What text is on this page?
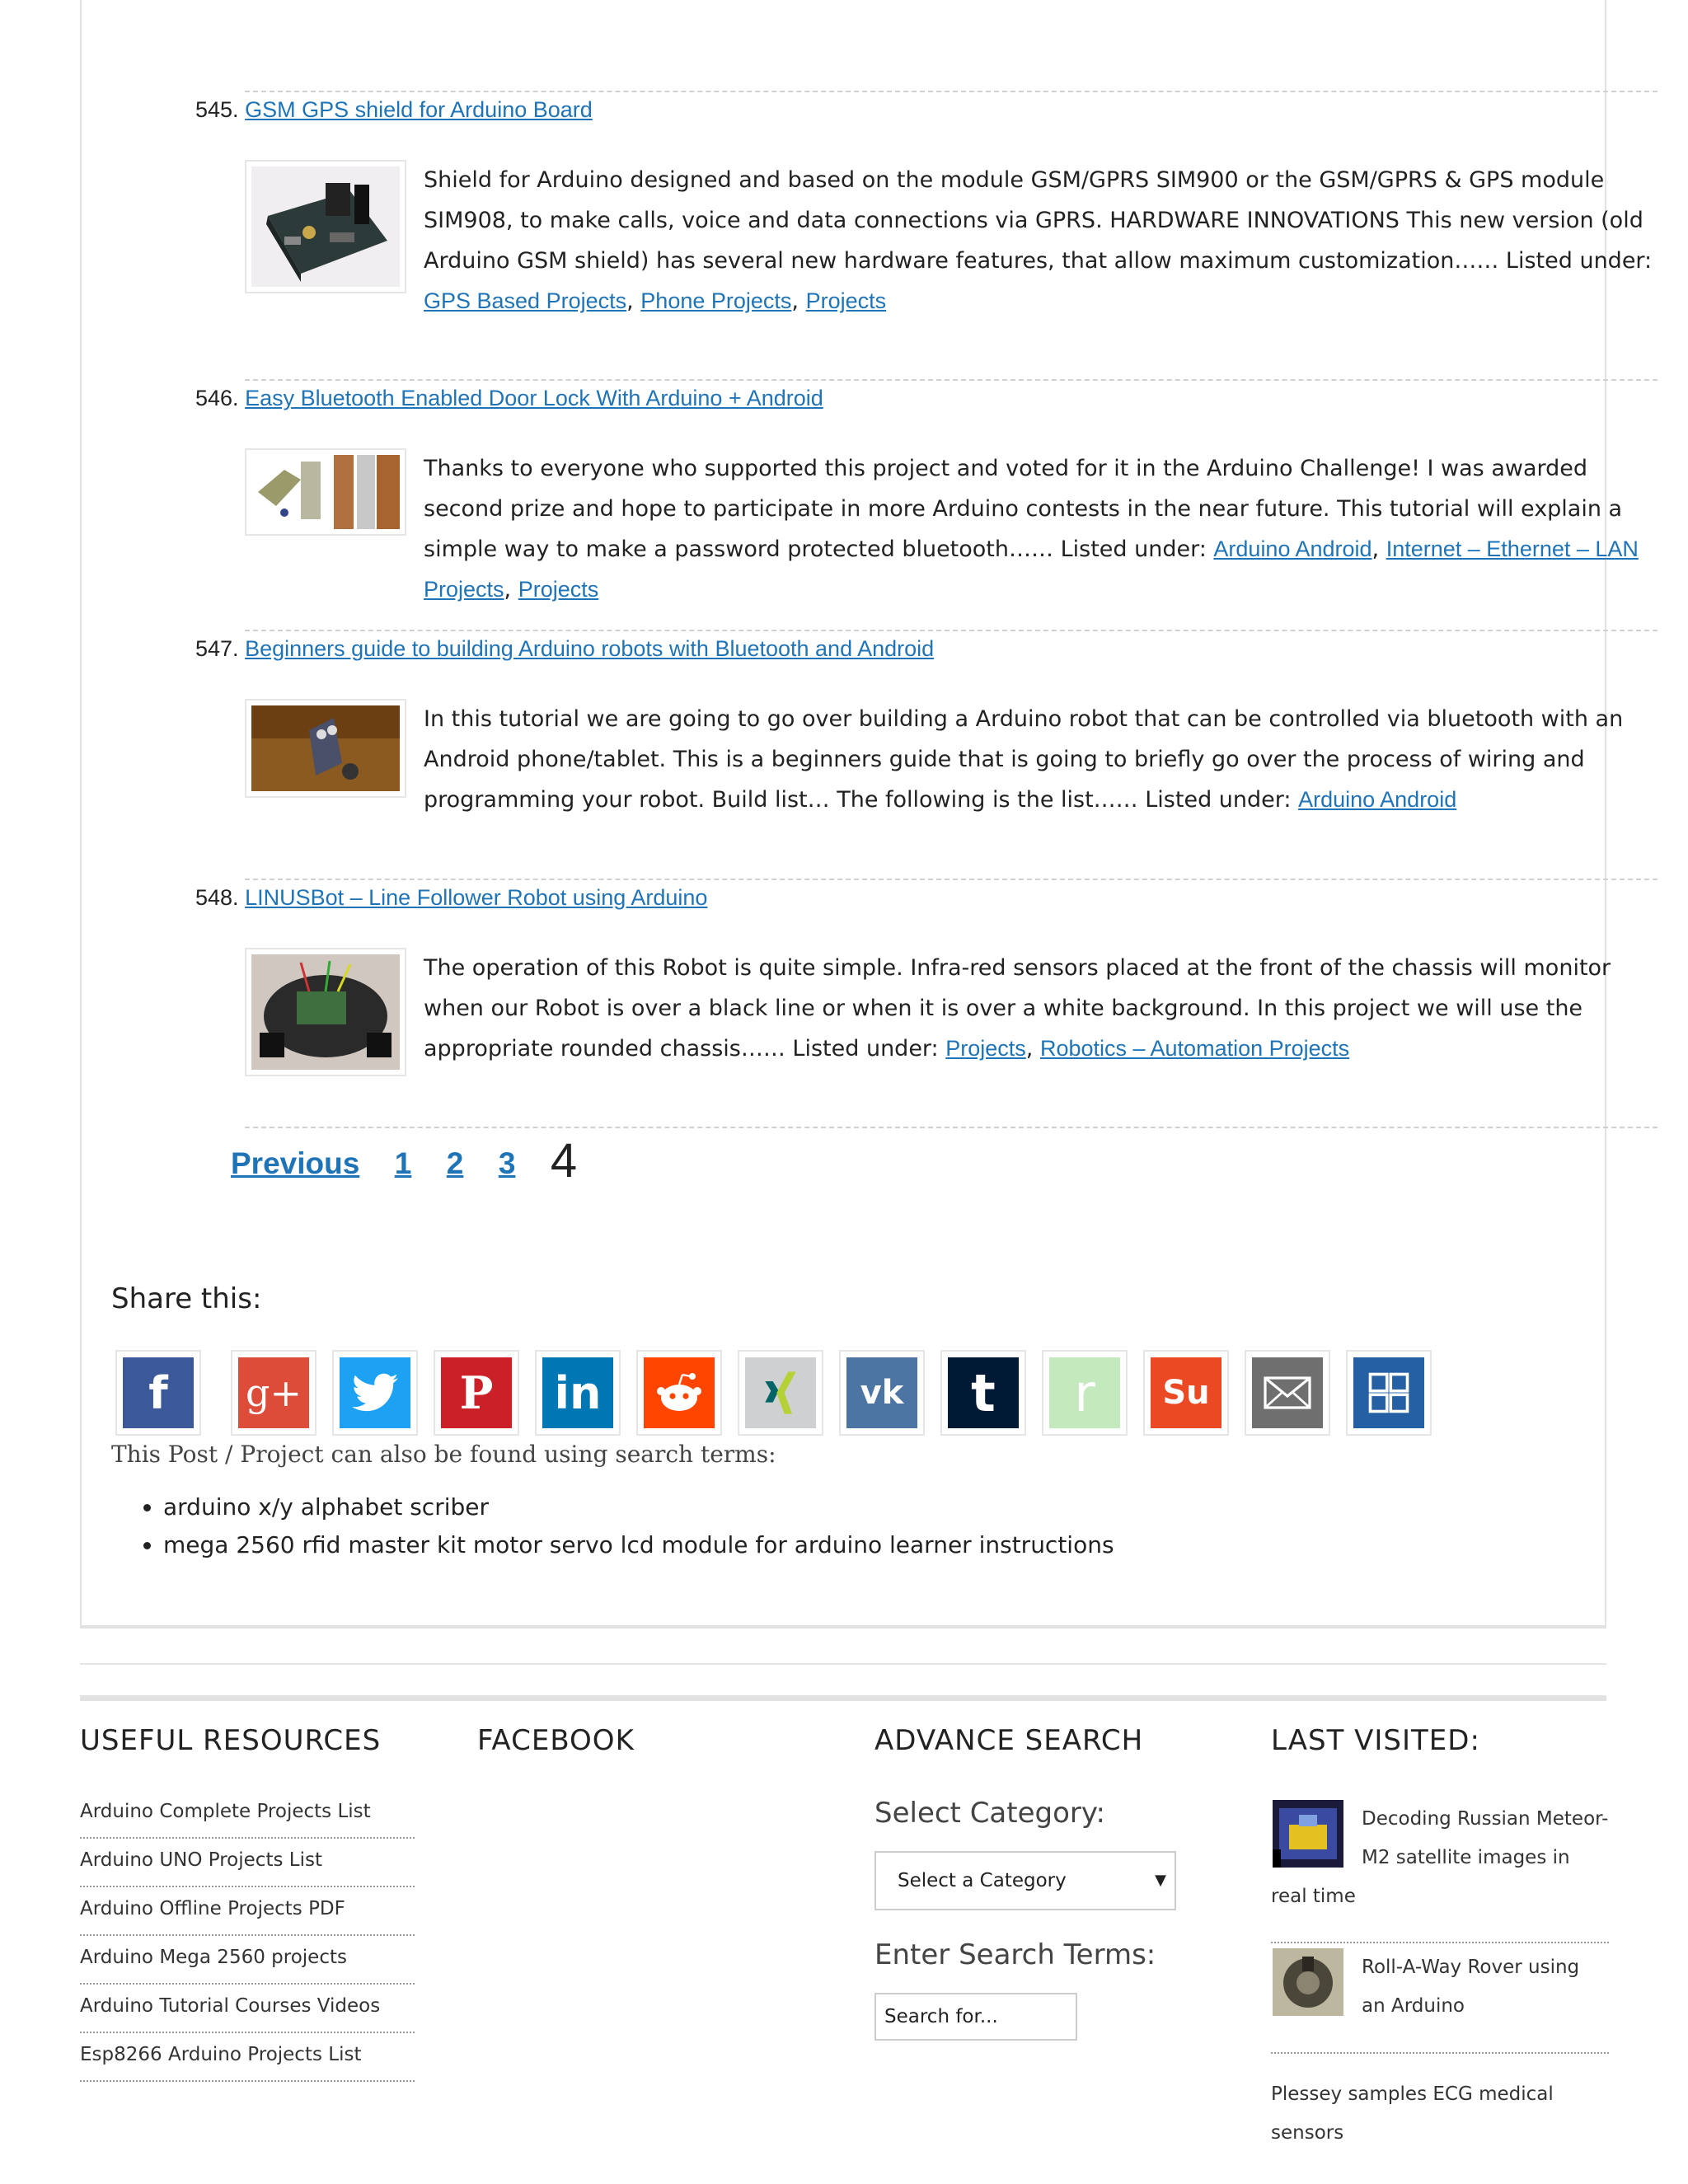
545. GSM GPS shield for Arduino Board
Shield for Arduino designed and based on the module GSM/GPRS SIM900 or the GSM/GPRS & GPS module SIM908, to make calls, voice and data connections via GPRS. HARDWARE INNOVATIONS This new version (old Arduino GSM shield) has several new hardware features, that allow maximum customization…… Listed under: GPS Based Projects, Phone Projects, Projects
546. Easy Bluetooth Enabled Door Lock With Arduino + Android
Thanks to everyone who supported this project and voted for it in the Arduino Challenge! I was awarded second prize and hope to participate in more Arduino contests in the near future. This tutorial will explain a simple way to make a password protected bluetooth…… Listed under: Arduino Android, Internet – Ethernet – LAN Projects, Projects
547. Beginners guide to building Arduino robots with Bluetooth and Android
In this tutorial we are going to go over building a Arduino robot that can be controlled via bluetooth with an Android phone/tablet. This is a beginners guide that is going to briefly go over the process of wiring and programming your robot. Build list… The following is the list…… Listed under: Arduino Android
548. LINUSBot – Line Follower Robot using Arduino
The operation of this Robot is quite simple. Infra-red sensors placed at the front of the chassis will monitor when our Robot is over a black line or when it is over a white background. In this project we will use the appropriate rounded chassis…… Listed under: Projects, Robotics – Automation Projects
Previous 1 2 3 4
Share this:
f g+	P in	vk t r Su
This Post / Project can also be found using search terms:
• arduino x/y alphabet scriber
• mega 2560 rfid master kit motor servo lcd module for arduino learner instructions
USEFUL RESOURCES	FACEBOOK	ADVANCE SEARCH	LAST VISITED:
Arduino Complete Projects List
Arduino UNO Projects List
Arduino Offline Projects PDF
Arduino Mega 2560 projects
Arduino Tutorial Courses Videos
Esp8266 Arduino Projects List
Select Category:
Select a Category	▼
Enter Search Terms:
Search for...
Decoding Russian Meteor-M2 satellite images in real time
Roll-A-Way Rover using an Arduino
Plessey samples ECG medical sensors
